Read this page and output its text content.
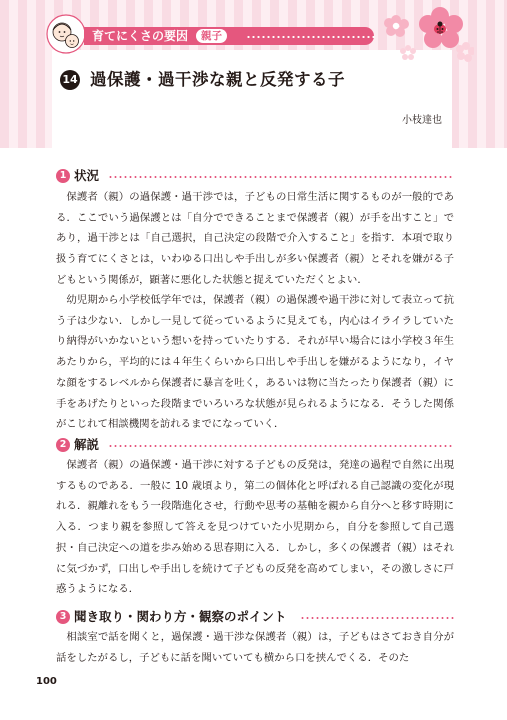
育てにくさの要因	親子
14 過保護・過干渉な親と反発する子
小枝達也
1 状況

保護者（親）の過保護・過干渉では，子どもの日常生活に関するものが一般的である．ここでいう過保護とは「自分でできることまで保護者（親）が手を出すこと」であり，過干渉とは「自己選択，自己決定の段階で介入すること」を指す．本項で取り扱う育てにくさとは，いわゆる口出しや手出しが多い保護者（親）とそれを嫌がる子どもという関係が，顕著に悪化した状態と捉えていただくとよい．

幼児期から小学校低学年では，保護者（親）の過保護や過干渉に対して表立って抗う子は少ない．しかし一見して従っているように見えても，内心はイライラしていたり納得がいかないという想いを持っていたりする．それが早い場合には小学校３年生あたりから，平均的には４年生くらいから口出しや手出しを嫌がるようになり，イヤな顔をするレベルから保護者に暴言を吐く，あるいは物に当たったり保護者（親）に手をあげたりといった段階までいろいろな状態が見られるようになる．そうした関係がこじれて相談機関を訪れるまでになっていく．

2 解説

保護者（親）の過保護・過干渉に対する子どもの反発は，発達の過程で自然に出現するものである．一般に 10 歳頃より，第二の個体化と呼ばれる自己認識の変化が現れる．親離れをもう一段階進化させ，行動や思考の基軸を親から自分へと移す時期に入る．つまり親を参照して答えを見つけていた小児期から，自分を参照して自己選択・自己決定への道を歩み始める思春期に入る．しかし，多くの保護者（親）はそれに気づかず，口出しや手出しを続けて子どもの反発を高めてしまい，その激しさに戸惑うようになる．

3 聞き取り・関わり方・観察のポイント

相談室で話を聞くと，過保護・過干渉な保護者（親）は，子どもはさておき自分が話をしたがるし，子どもに話を聞いていても横から口を挟んでくる．そのた

100
